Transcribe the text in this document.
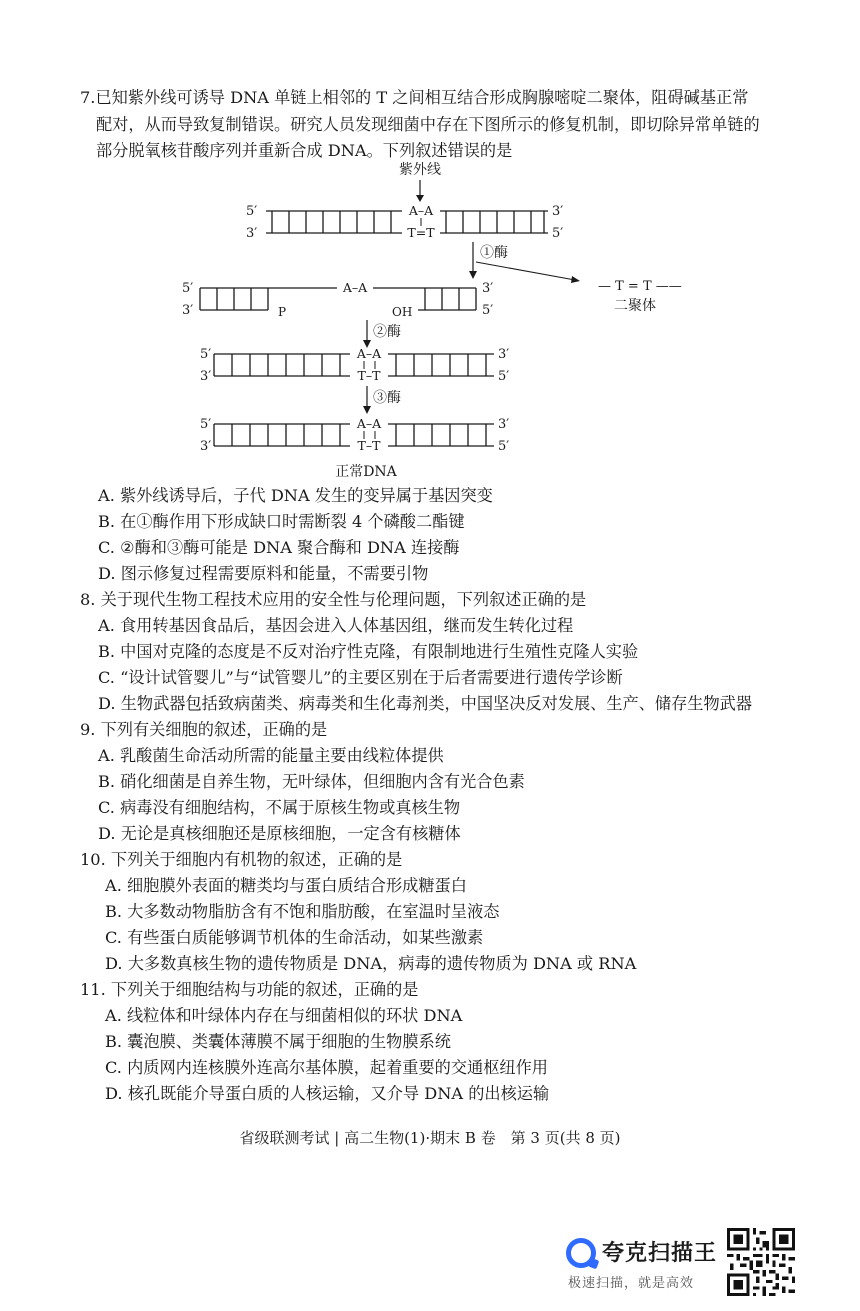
7.已知紫外线可诱导 DNA 单链上相邻的 T 之间相互结合形成胸腺嘧啶二聚体，阻碍碱基正常
配对，从而导致复制错误。研究人员发现细菌中存在下图所示的修复机制，即切除异常单链的
部分脱氧核苷酸序列并重新合成 DNA。下列叙述错误的是
紫外线
5′
3′
A–A
T=T
3′
5′
①酶
— T = T ——
二聚体
5′
3′
A–A
P	OH
3′
5′
②酶
5′
3′
A–A
T–T
3′
5′
③酶
5′
3′
A–A
T–T
3′
5′
正常DNA
A. 紫外线诱导后，子代 DNA 发生的变异属于基因突变
B. 在①酶作用下形成缺口时需断裂 4 个磷酸二酯键
C. ②酶和③酶可能是 DNA 聚合酶和 DNA 连接酶
D. 图示修复过程需要原料和能量，不需要引物
8. 关于现代生物工程技术应用的安全性与伦理问题，下列叙述正确的是
A. 食用转基因食品后，基因会进入人体基因组，继而发生转化过程
B. 中国对克隆的态度是不反对治疗性克隆，有限制地进行生殖性克隆人实验
C. “设计试管婴儿”与“试管婴儿”的主要区别在于后者需要进行遗传学诊断
D. 生物武器包括致病菌类、病毒类和生化毒剂类，中国坚决反对发展、生产、储存生物武器
9. 下列有关细胞的叙述，正确的是
A. 乳酸菌生命活动所需的能量主要由线粒体提供
B. 硝化细菌是自养生物，无叶绿体，但细胞内含有光合色素
C. 病毒没有细胞结构，不属于原核生物或真核生物
D. 无论是真核细胞还是原核细胞，一定含有核糖体
10. 下列关于细胞内有机物的叙述，正确的是
A. 细胞膜外表面的糖类均与蛋白质结合形成糖蛋白
B. 大多数动物脂肪含有不饱和脂肪酸，在室温时呈液态
C. 有些蛋白质能够调节机体的生命活动，如某些激素
D. 大多数真核生物的遗传物质是 DNA，病毒的遗传物质为 DNA 或 RNA
11. 下列关于细胞结构与功能的叙述，正确的是
A. 线粒体和叶绿体内存在与细菌相似的环状 DNA
B. 囊泡膜、类囊体薄膜不属于细胞的生物膜系统
C. 内质网内连核膜外连高尔基体膜，起着重要的交通枢纽作用
D. 核孔既能介导蛋白质的人核运输，又介导 DNA 的出核运输
省级联测考试 | 高二生物(1)·期末 B 卷　第 3 页(共 8 页)
夸克扫描王
极速扫描，就是高效
